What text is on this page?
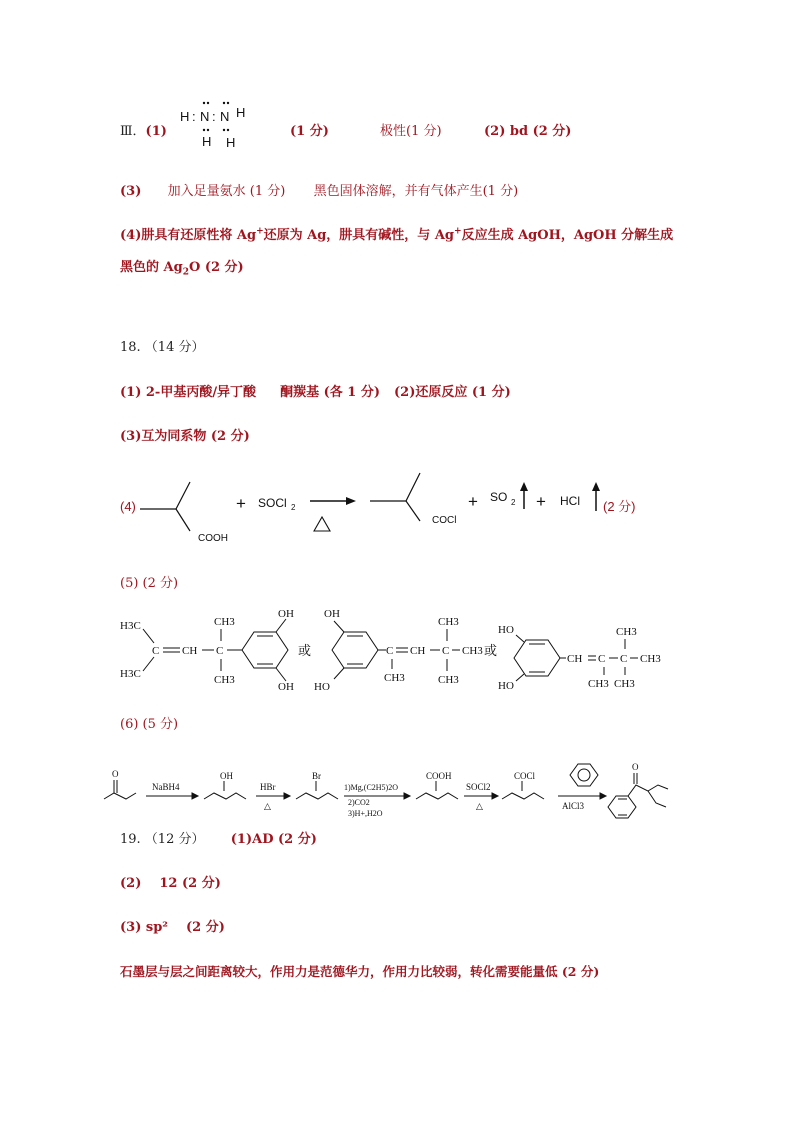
Ⅲ．(1)
H : N : N H
H H
(1 分)	极性(1 分)	(2) bd (2 分)
(3) 加入足量氨水 (1 分) 黑色固体溶解，并有气体产生(1 分)
(4)肼具有还原性将 Ag+还原为 Ag，肼具有碱性，与 Ag+反应生成 AgOH，AgOH 分解生成
黑色的 $Ag_2O$ (2 分)
18. （14 分）
(1) 2-甲基丙酸/异丁酸 酮羰基 (各 1 分) (2)还原反应 (1 分)
(3)互为同系物 (2 分)
(4)
COOH
+ SOCl 2
COCl
+ SO 2 + HCl (2 分)
(5) (2 分)
H3C
H3C
C CH C
CH3
CH3
OH
OH
或
OH
HO
C
CH3
CH C
CH3
CH3
CH3 或
HO
HO
CH C
CH3
C
CH3
CH3
CH3
(6) (5 分)
O
NaBH4
OH
HBr
△
Br
1)Mg,(C2H5)2O
2)CO2
3)H+,H2O
COOH
SOCl2
△
COCl
AlCl3
O
19. （12 分） (1)AD (2 分)
(2) 12 (2 分)
(3) sp² (2 分)
石墨层与层之间距离较大，作用力是范德华力，作用力比较弱，转化需要能量低 (2 分)
